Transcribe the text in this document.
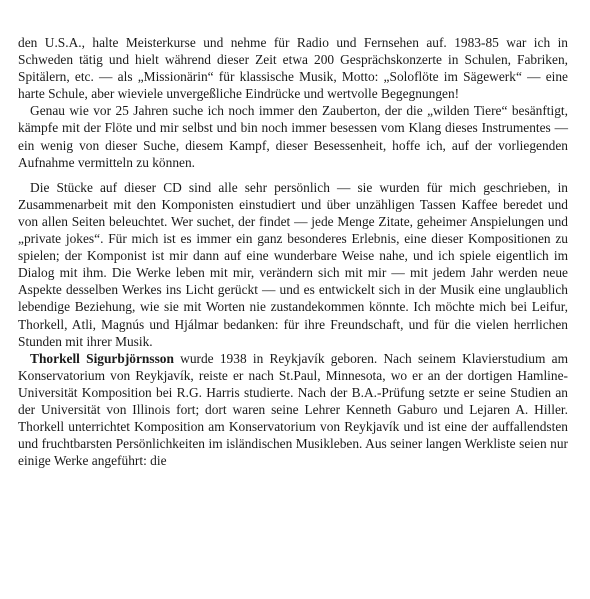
den U.S.A., halte Meisterkurse und nehme für Radio und Fernsehen auf. 1983-85 war ich in Schweden tätig und hielt während dieser Zeit etwa 200 Gesprächskonzerte in Schulen, Fabriken, Spitälern, etc. — als „Missionärin“ für klassische Musik, Motto: „Soloflöte im Sägewerk“ — eine harte Schule, aber wieviele unvergeßliche Eindrücke und wertvolle Begegnungen!

Genau wie vor 25 Jahren suche ich noch immer den Zauberton, der die „wilden Tiere“ besänftigt, kämpfe mit der Flöte und mir selbst und bin noch immer besessen vom Klang dieses Instrumentes — ein wenig von dieser Suche, diesem Kampf, dieser Besessenheit, hoffe ich, auf der vorliegenden Aufnahme vermitteln zu können.

Die Stücke auf dieser CD sind alle sehr persönlich — sie wurden für mich geschrieben, in Zusammenarbeit mit den Komponisten einstudiert und über unzähligen Tassen Kaffee beredet und von allen Seiten beleuchtet. Wer suchet, der findet — jede Menge Zitate, geheimer Anspielungen und „private jokes“. Für mich ist es immer ein ganz besonderes Erlebnis, eine dieser Kompositionen zu spielen; der Komponist ist mir dann auf eine wunderbare Weise nahe, und ich spiele eigentlich im Dialog mit ihm. Die Werke leben mit mir, verändern sich mit mir — mit jedem Jahr werden neue Aspekte desselben Werkes ins Licht gerückt — und es entwickelt sich in der Musik eine unglaublich lebendige Beziehung, wie sie mit Worten nie zustandekommen könnte. Ich möchte mich bei Leifur, Thorkell, Atli, Magnús und Hjálmar bedanken: für ihre Freundschaft, und für die vielen herrlichen Stunden mit ihrer Musik.

Thorkell Sigurbjörnsson wurde 1938 in Reykjavík geboren. Nach seinem Klavierstudium am Konservatorium von Reykjavík, reiste er nach St.Paul, Minnesota, wo er an der dortigen Hamline-Universität Komposition bei R.G. Harris studierte. Nach der B.A.-Prüfung setzte er seine Studien an der Universität von Illinois fort; dort waren seine Lehrer Kenneth Gaburo und Lejaren A. Hiller. Thorkell unterrichtet Komposition am Konservatorium von Reykjavík und ist eine der auffallendsten und fruchtbarsten Persönlichkeiten im isländischen Musikleben. Aus seiner langen Werkliste seien nur einige Werke angeführt: die
